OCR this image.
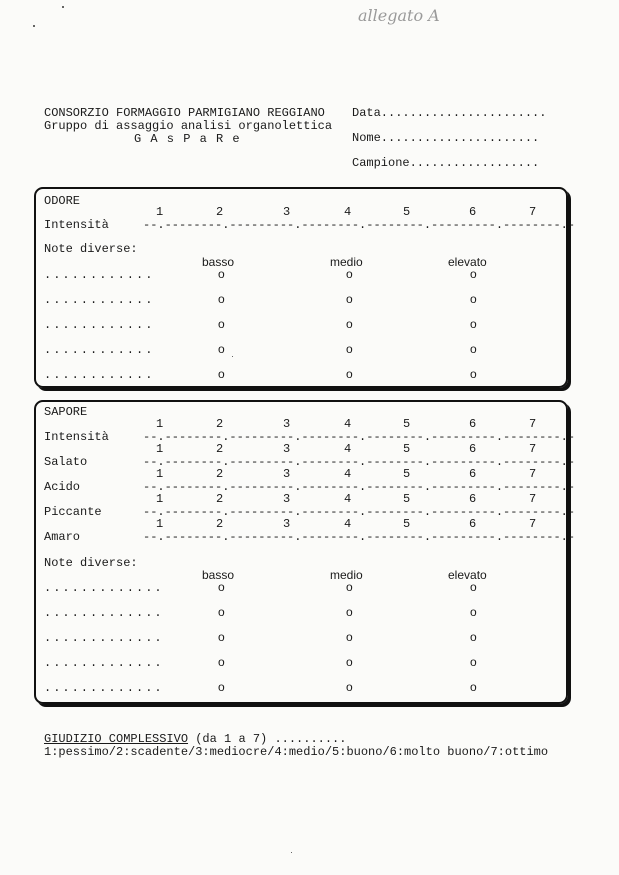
allegato A
CONSORZIO FORMAGGIO PARMIGIANO REGGIANO
Gruppo di assaggio analisi organolettica
G A s P a R e
Data.......................
Nome......................
Campione..................
ODORE
1	2	3	4	5	6	7
--.--------.---------.--------.--------.---------.--------.-
Intensità
Note diverse:
basso	medio	elevato
............	o	o	o
............	o	o	o
............	o	o	o
............	o	o	o
............	o	o	o
SAPORE
1	2	3	4	5	6	7
--.--------.---------.--------.--------.---------.--------.-
Intensità
1	2	3	4	5	6	7
--.--------.---------.--------.--------.---------.--------.-
Salato
1	2	3	4	5	6	7
--.--------.---------.--------.--------.---------.--------.-
Acido
1	2	3	4	5	6	7
--.--------.---------.--------.--------.---------.--------.-
Piccante
1	2	3	4	5	6	7
--.--------.---------.--------.--------.---------.--------.-
Amaro
Note diverse:
basso	medio	elevato
.............	o	o	o
.............	o	o	o
.............	o	o	o
.............	o	o	o
.............	o	o	o
GIUDIZIO COMPLESSIVO (da 1 a 7) ..........
1:pessimo/2:scadente/3:mediocre/4:medio/5:buono/6:molto buono/7:ottimo
